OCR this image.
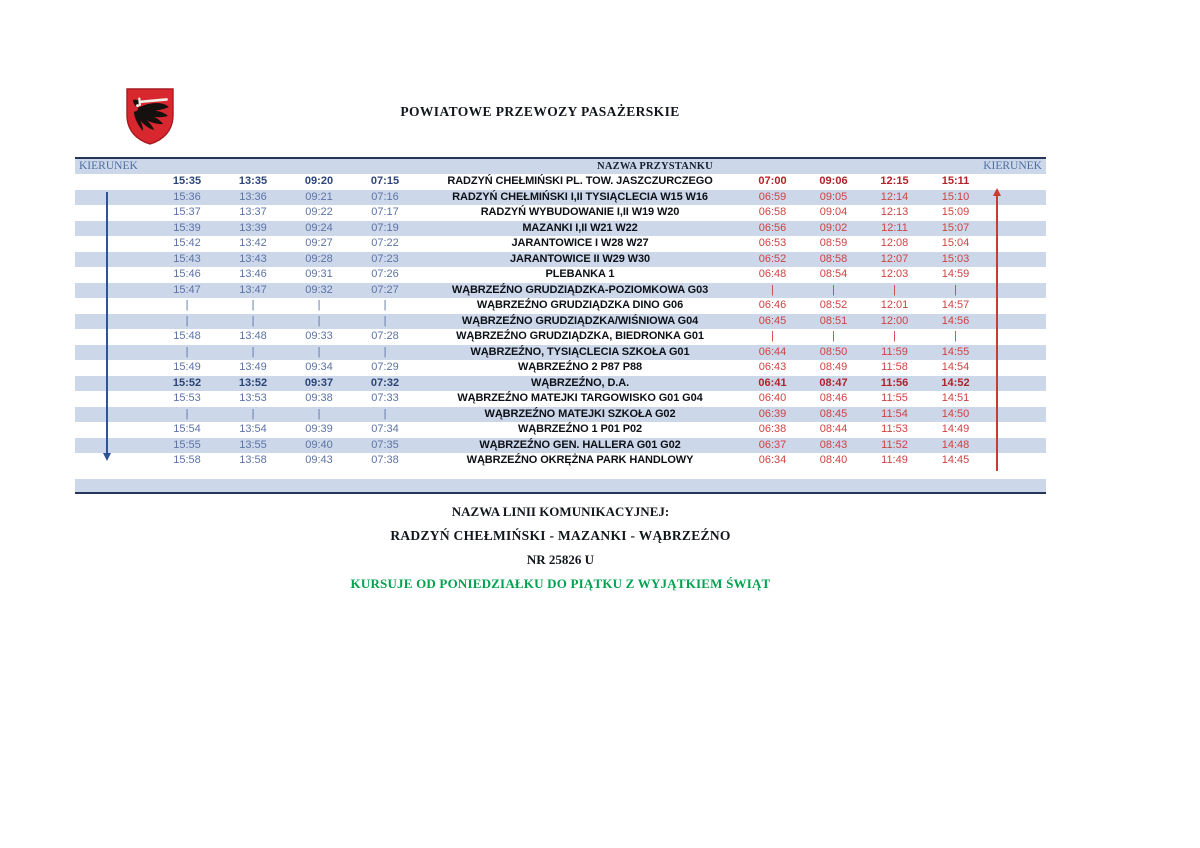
POWIATOWE PRZEWOZY PASAŻERSKIE
KIERUNEK	NAZWA PRZYSTANKU	KIERUNEK
15:35	13:35	09:20	07:15	RADZYŃ CHEŁMIŃSKI PL. TOW. JASZCZURCZEGO	07:00	09:06	12:15	15:11
15:36	13:36	09:21	07:16	RADZYŃ CHEŁMIŃSKI I,II TYSIĄCLECIA W15 W16	06:59	09:05	12:14	15:10
15:37	13:37	09:22	07:17	RADZYŃ WYBUDOWANIE I,II W19 W20	06:58	09:04	12:13	15:09
15:39	13:39	09:24	07:19	MAZANKI I,II W21 W22	06:56	09:02	12:11	15:07
15:42	13:42	09:27	07:22	JARANTOWICE I W28 W27	06:53	08:59	12:08	15:04
15:43	13:43	09:28	07:23	JARANTOWICE II W29 W30	06:52	08:58	12:07	15:03
15:46	13:46	09:31	07:26	PLEBANKA 1	06:48	08:54	12:03	14:59
15:47	13:47	09:32	07:27	WĄBRZEŹNO GRUDZIĄDZKA-POZIOMKOWA G03	|	|	|	|
|	|	|	|	WĄBRZEŹNO GRUDZIĄDZKA DINO G06	06:46	08:52	12:01	14:57
|	|	|	|	WĄBRZEŹNO GRUDZIĄDZKA/WIŚNIOWA G04	06:45	08:51	12:00	14:56
15:48	13:48	09:33	07:28	WĄBRZEŹNO GRUDZIĄDZKA, BIEDRONKA G01	|	|	|	|
|	|	|	|	WĄBRZEŹNO, TYSIĄCLECIA SZKOŁA G01	06:44	08:50	11:59	14:55
15:49	13:49	09:34	07:29	WĄBRZEŹNO 2 P87 P88	06:43	08:49	11:58	14:54
15:52	13:52	09:37	07:32	WĄBRZEŹNO, D.A.	06:41	08:47	11:56	14:52
15:53	13:53	09:38	07:33	WĄBRZEŹNO MATEJKI TARGOWISKO G01 G04	06:40	08:46	11:55	14:51
|	|	|	|	WĄBRZEŹNO MATEJKI SZKOŁA G02	06:39	08:45	11:54	14:50
15:54	13:54	09:39	07:34	WĄBRZEŹNO 1 P01 P02	06:38	08:44	11:53	14:49
15:55	13:55	09:40	07:35	WĄBRZEŹNO GEN. HALLERA G01 G02	06:37	08:43	11:52	14:48
15:58	13:58	09:43	07:38	WĄBRZEŹNO OKRĘŻNA PARK HANDLOWY	06:34	08:40	11:49	14:45
NAZWA LINII KOMUNIKACYJNEJ:
RADZYŃ CHEŁMIŃSKI - MAZANKI - WĄBRZEŹNO
NR 25826 U
KURSUJE OD PONIEDZIAŁKU DO PIĄTKU Z WYJĄTKIEM ŚWIĄT
